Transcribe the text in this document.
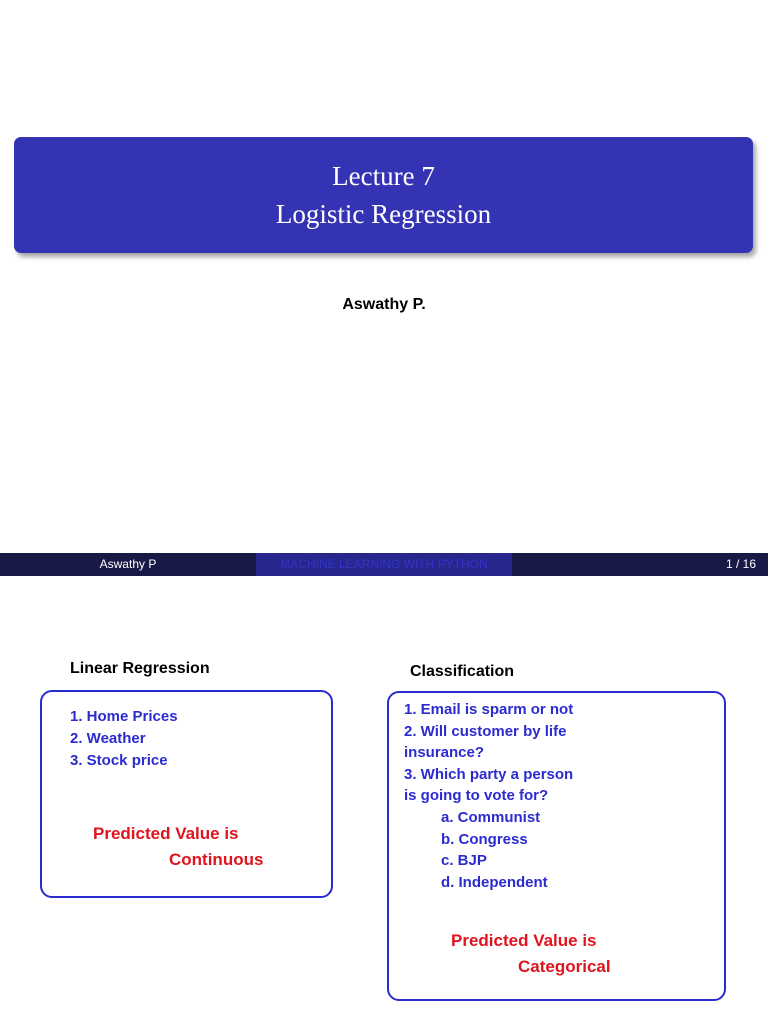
Lecture 7
Logistic Regression
Aswathy P.
Aswathy P	MACHINE LEARNING WITH PYTHON	1 / 16
Linear Regression
1. Home Prices
2. Weather
3. Stock price
Predicted Value is
Continuous
Classification
1. Email is sparm or not
2. Will customer by life
insurance?
3. Which party a person
is going to vote for?
a. Communist
b. Congress
c. BJP
d. Independent
Predicted Value is
Categorical
